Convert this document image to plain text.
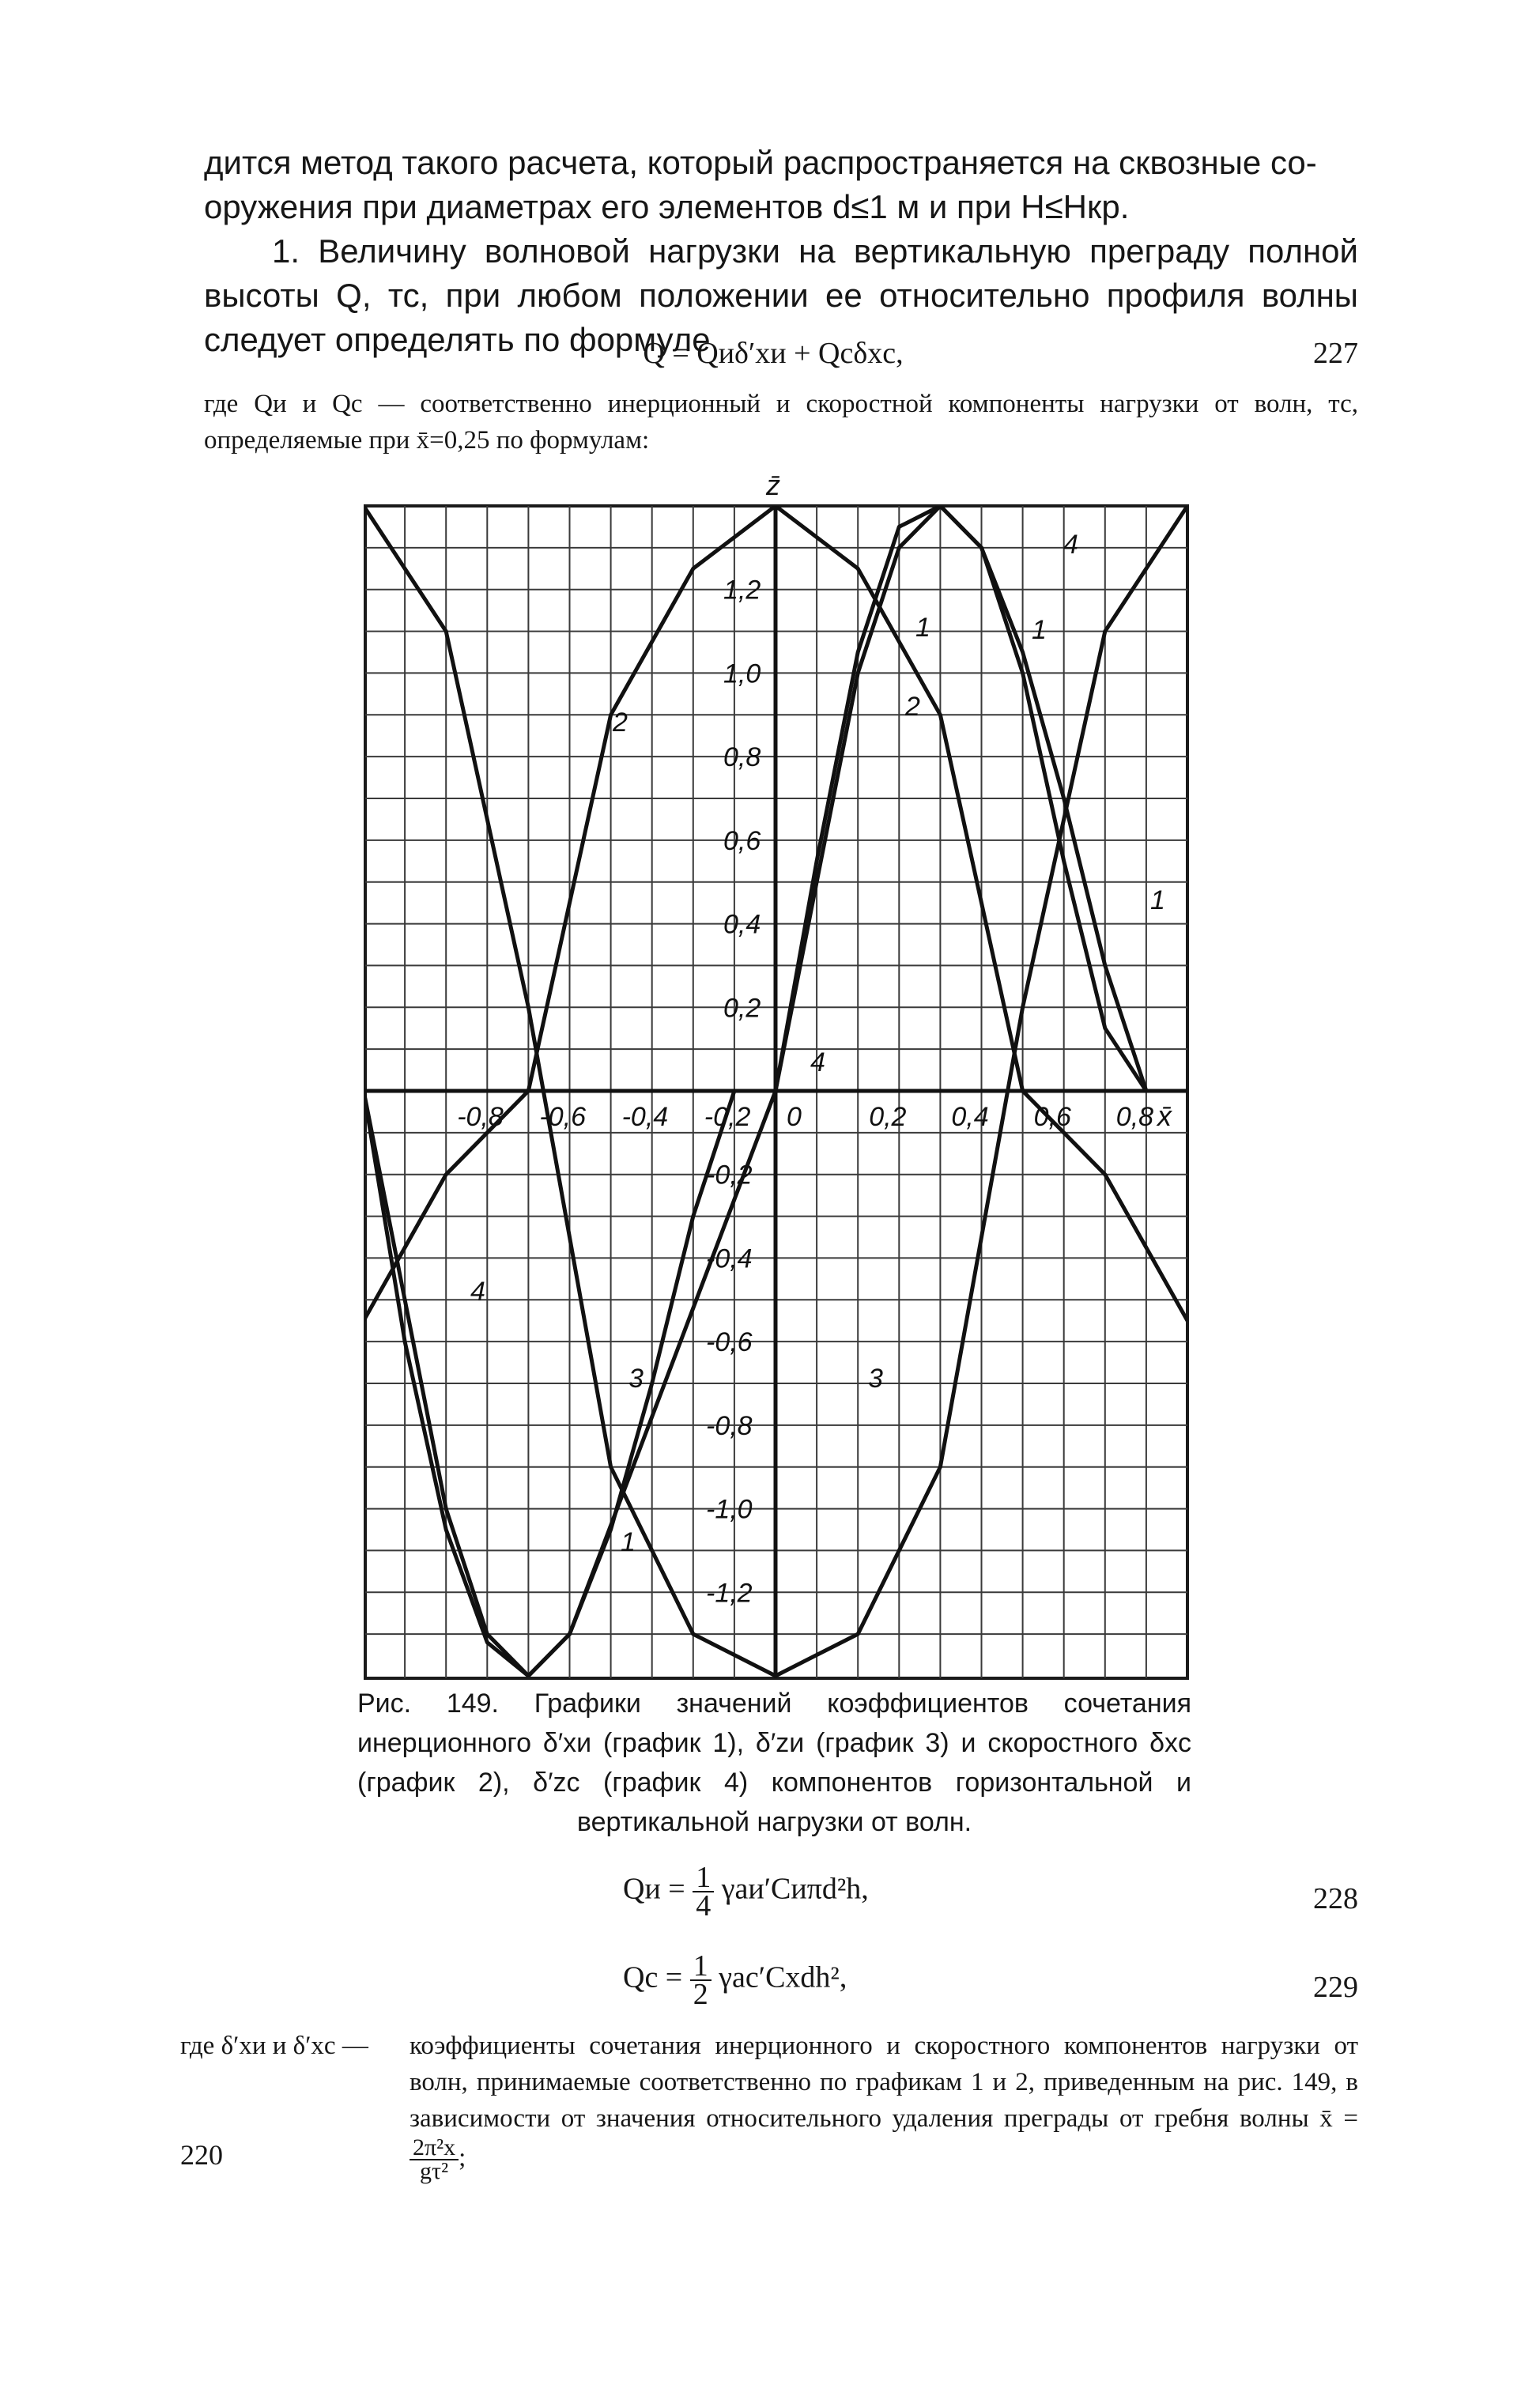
дится метод такого расчета, который распространяется на сквозные со-

оружения при диаметрах его элементов d≤1 м и при H≤Hкр.

1. Величину волновой нагрузки на вертикальную преграду полной высоты Q, тс, при любом положении ее относительно профиля волны следует определять по формуле

Q = Qиδ′xи + Qcδxc,	227

где Qи и Qc — соответственно инерционный и скоростной компоненты нагрузки от волн, тс, определяемые при x̄=0,25 по формулам:

-0,8 -0,6 -0,4 -0,2 0	0,2 0,4 0,6 0,8
1,2
1,0
0,8
0,6
0,4
0,2
-0,2
-0,4
-0,6
-0,8
-1,0
-1,2
x̄
z̄
1	1
1
1
2
2
3	3
4
4
4

Рис. 149. Графики значений коэффициентов сочетания инерционного δ′xи (график 1), δ′zи (график 3) и скоростного δxc (график 2), δ′zc (график 4) компонентов горизонтальной и вертикальной нагрузки от волн.

Qи = $\frac{1}{4} \gamma aи'Cи\pi d^2h$,	228
$Qc = \frac{1}{2}$ γac′Cxdh²,	229
где δ′xи и δ′xc — коэффициенты сочетания инерционного и скоростного компонентов нагрузки от волн, принимаемые соответственно по графикам 1 и 2, приведенным на рис. 149, в зависимости от значения относительного удаления преграды от гребня волны x̄ =
$\frac{\text{2π²x}}{\text{gτ²}}$ ;
220
